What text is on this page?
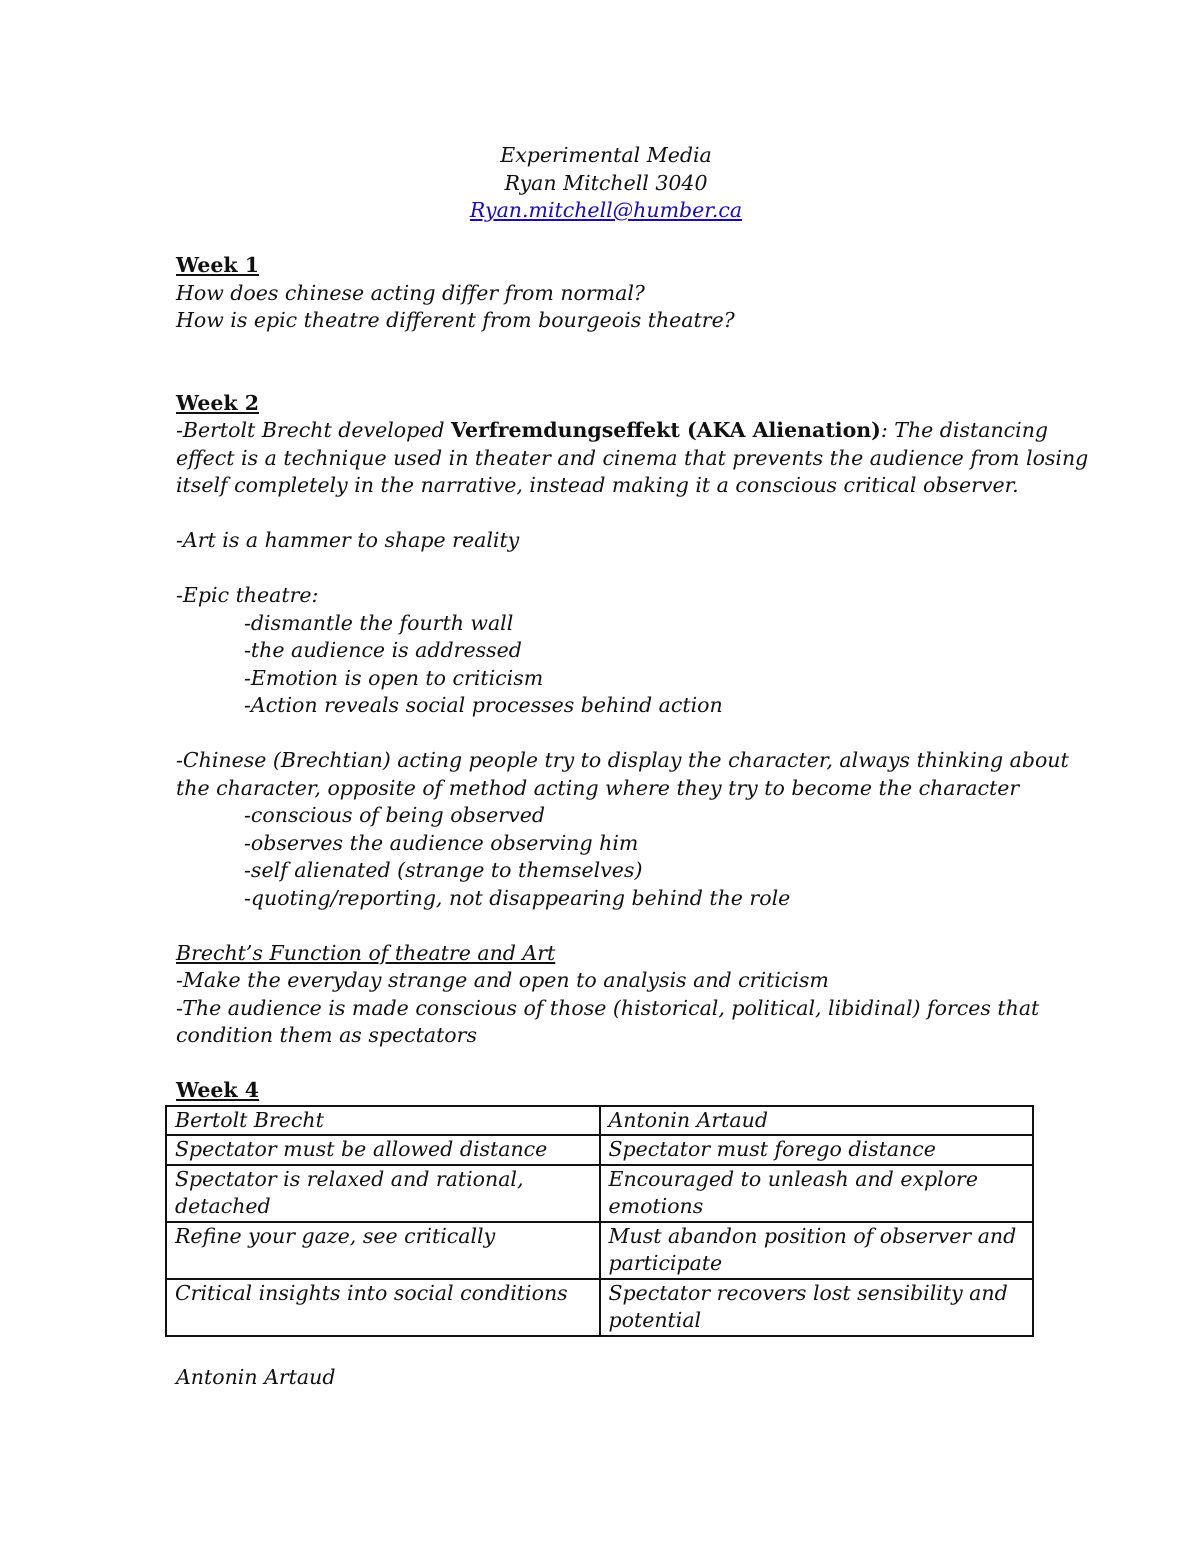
Experimental Media
Ryan Mitchell 3040
Ryan.mitchell@humber.ca
Week 1
How does chinese acting differ from normal?
How is epic theatre different from bourgeois theatre?
Week 2
-Bertolt Brecht developed Verfremdungseffekt (AKA Alienation): The distancing
effect is a technique used in theater and cinema that prevents the audience from losing
itself completely in the narrative, instead making it a conscious critical observer.
-Art is a hammer to shape reality
-Epic theatre:
-dismantle the fourth wall
-the audience is addressed
-Emotion is open to criticism
-Action reveals social processes behind action
-Chinese (Brechtian) acting people try to display the character, always thinking about
the character, opposite of method acting where they try to become the character
-conscious of being observed
-observes the audience observing him
-self alienated (strange to themselves)
-quoting/reporting, not disappearing behind the role
Brecht’s Function of theatre and Art
-Make the everyday strange and open to analysis and criticism
-The audience is made conscious of those (historical, political, libidinal) forces that
condition them as spectators
Week 4
Bertolt Brecht	Antonin Artaud
Spectator must be allowed distance	Spectator must forego distance
Spectator is relaxed and rational, detached	Encouraged to unleash and explore emotions
Refine your gaze, see critically	Must abandon position of observer and participate
Critical insights into social conditions	Spectator recovers lost sensibility and potential
Antonin Artaud
